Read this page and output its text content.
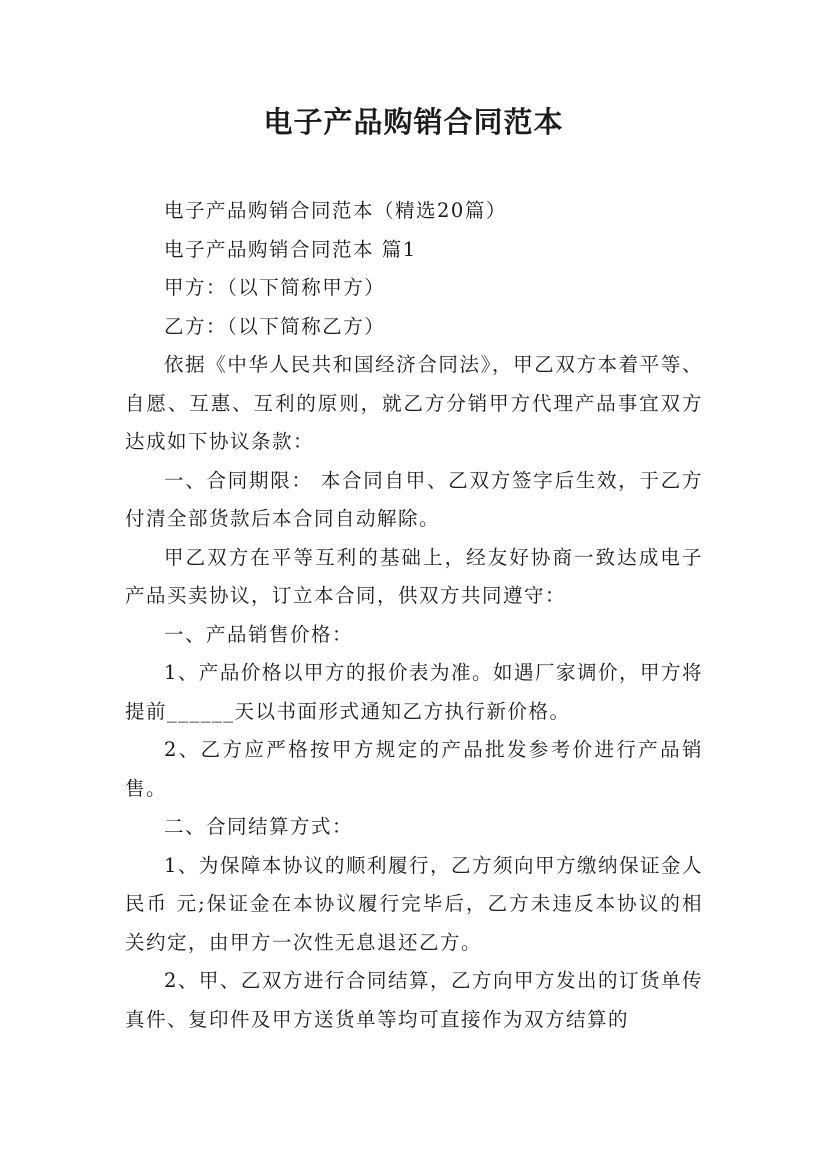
电子产品购销合同范本

电子产品购销合同范本（精选20篇）

电子产品购销合同范本 篇1

甲方：（以下简称甲方）

乙方：（以下简称乙方）

依据《中华人民共和国经济合同法》，甲乙双方本着平等、自愿、互惠、互利的原则，就乙方分销甲方代理产品事宜双方达成如下协议条款：

一、合同期限： 本合同自甲、乙双方签字后生效，于乙方付清全部货款后本合同自动解除。

甲乙双方在平等互利的基础上，经友好协商一致达成电子产品买卖协议，订立本合同，供双方共同遵守：

一、产品销售价格：

1、产品价格以甲方的报价表为准。如遇厂家调价，甲方将提前______天以书面形式通知乙方执行新价格。

2、乙方应严格按甲方规定的产品批发参考价进行产品销售。

二、合同结算方式：

1、为保障本协议的顺利履行，乙方须向甲方缴纳保证金人民币 元;保证金在本协议履行完毕后，乙方未违反本协议的相关约定，由甲方一次性无息退还乙方。

2、甲、乙双方进行合同结算，乙方向甲方发出的订货单传真件、复印件及甲方送货单等均可直接作为双方结算的
